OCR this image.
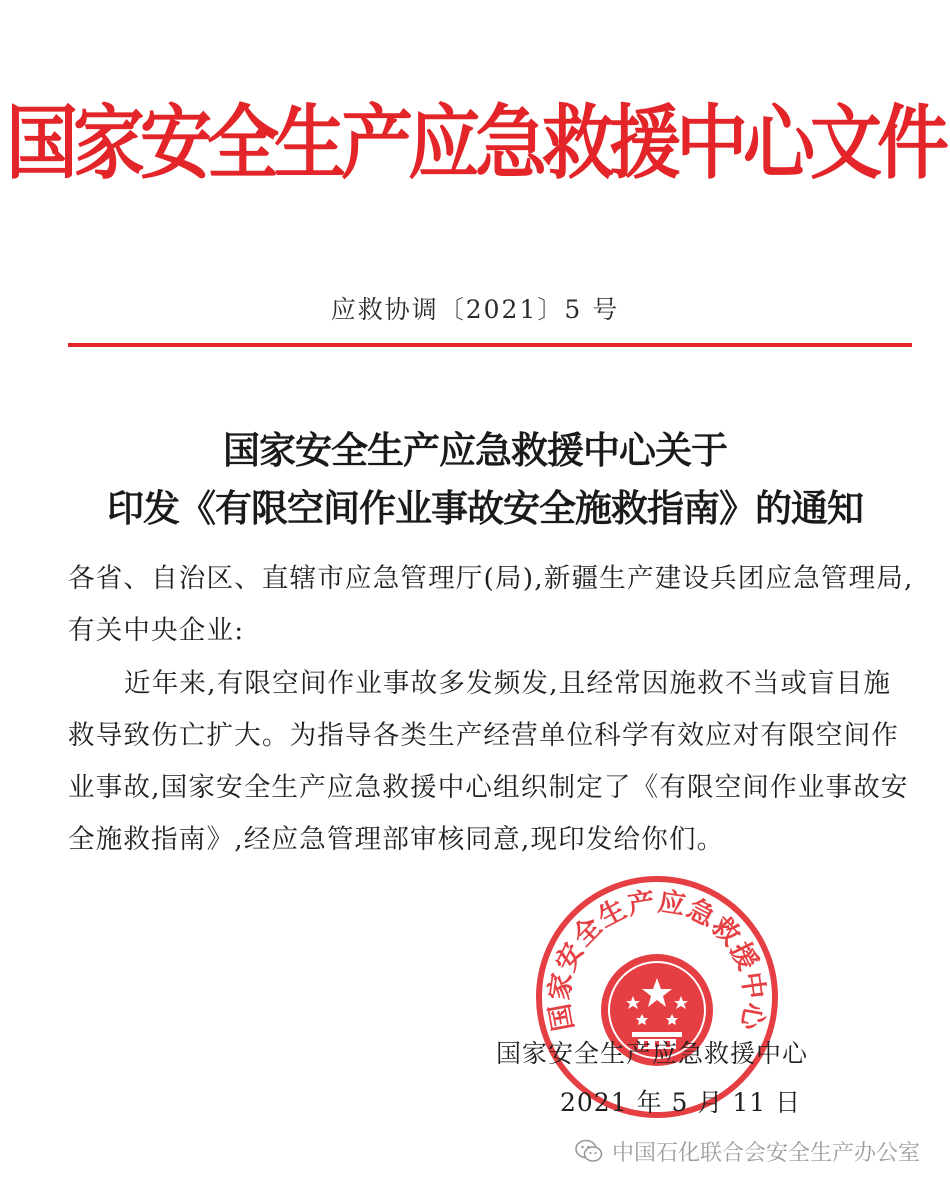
国家安全生产应急救援中心文件
应救协调〔2021〕5 号
国家安全生产应急救援中心关于
印发《有限空间作业事故安全施救指南》的通知
各省、自治区、直辖市应急管理厅(局),新疆生产建设兵团应急管理局,有关中央企业:
近年来,有限空间作业事故多发频发,且经常因施救不当或盲目施救导致伤亡扩大。为指导各类生产经营单位科学有效应对有限空间作业事故,国家安全生产应急救援中心组织制定了《有限空间作业事故安全施救指南》,经应急管理部审核同意,现印发给你们。
国家安全生产应急救援中心
国家安全生产应急救援中心
2021 年 5 月 11 日
中国石化联合会安全生产办公室
